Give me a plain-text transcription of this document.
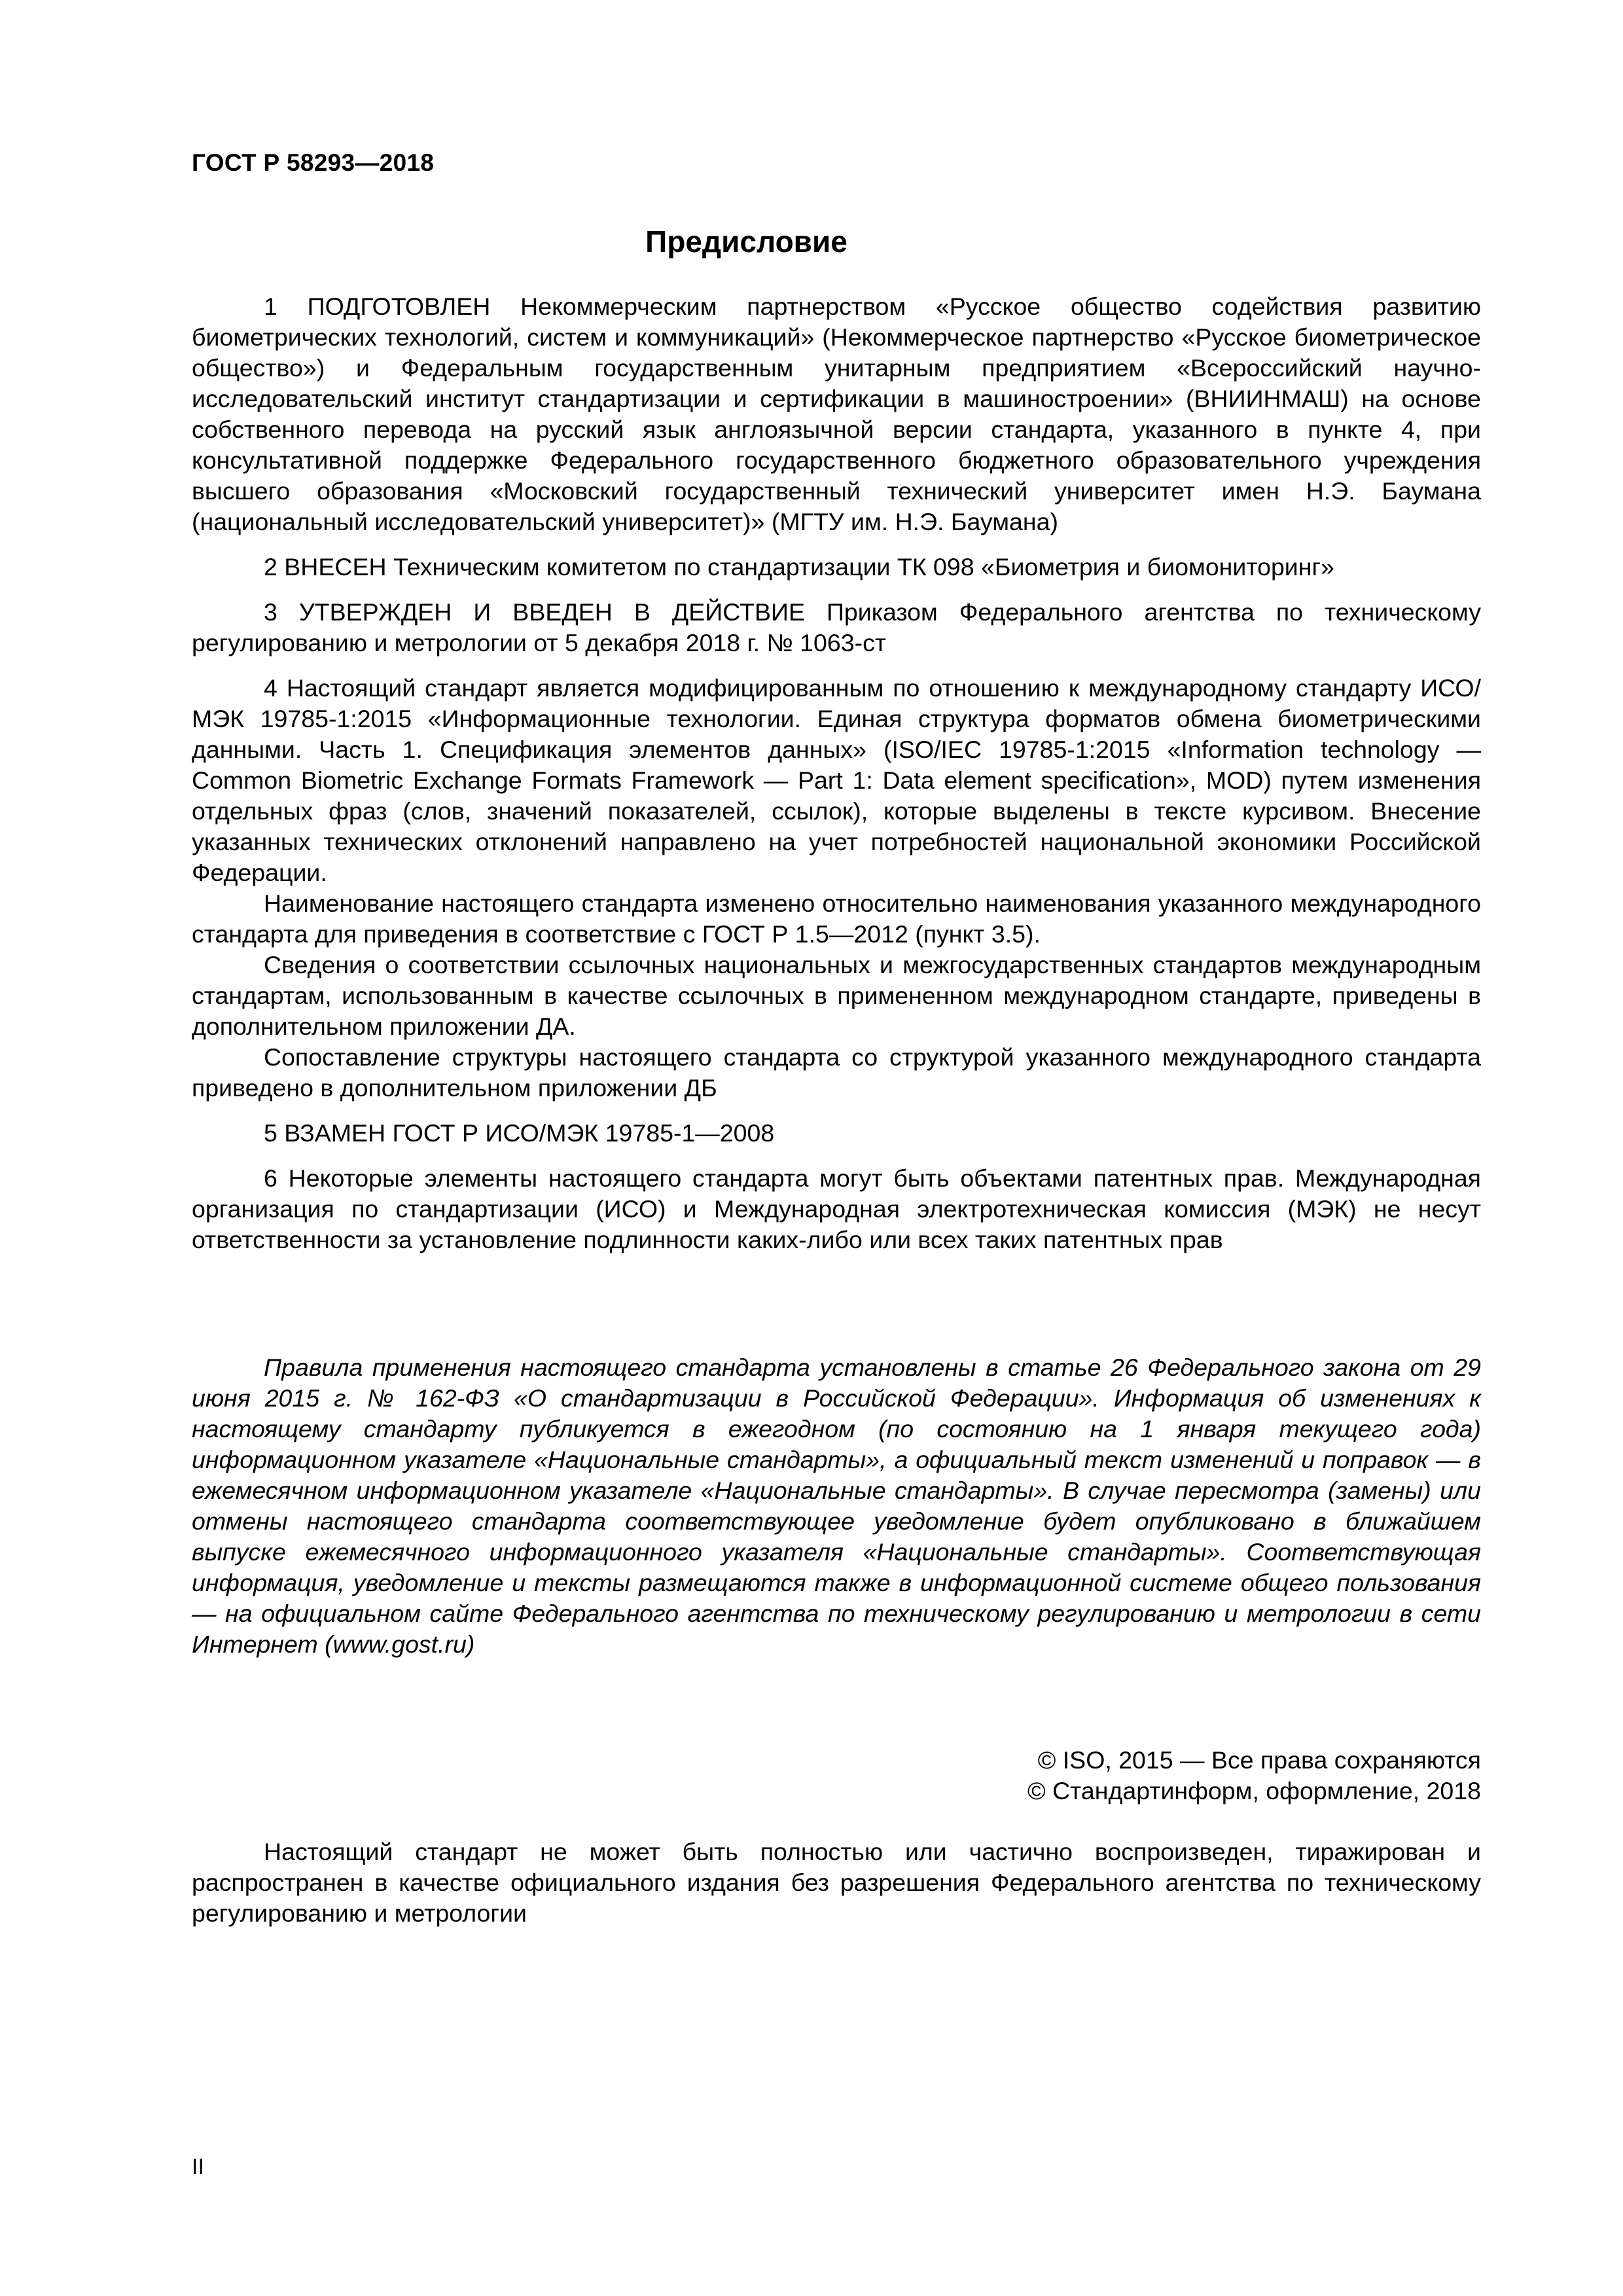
ГОСТ Р 58293—2018
Предисловие

1 ПОДГОТОВЛЕН Некоммерческим партнерством «Русское общество содействия развитию биометрических технологий, систем и коммуникаций» (Некоммерческое партнерство «Русское биометрическое общество») и Федеральным государственным унитарным предприятием «Всероссийский научно-исследовательский институт стандартизации и сертификации в машиностроении» (ВНИИНМАШ) на основе собственного перевода на русский язык англоязычной версии стандарта, указанного в пункте 4, при консультативной поддержке Федерального государственного бюджетного образовательного учреждения высшего образования «Московский государственный технический университет имен Н.Э. Баумана (национальный исследовательский университет)» (МГТУ им. Н.Э. Баумана)

2 ВНЕСЕН Техническим комитетом по стандартизации ТК 098 «Биометрия и биомониторинг»

3 УТВЕРЖДЕН И ВВЕДЕН В ДЕЙСТВИЕ Приказом Федерального агентства по техническому регулированию и метрологии от 5 декабря 2018 г. № 1063-ст

4 Настоящий стандарт является модифицированным по отношению к международному стандарту ИСО/МЭК 19785-1:2015 «Информационные технологии. Единая структура форматов обмена биометрическими данными. Часть 1. Спецификация элементов данных» (ISO/IEC 19785-1:2015 «Information technology — Common Biometric Exchange Formats Framework — Part 1: Data element specification», MOD) путем изменения отдельных фраз (слов, значений показателей, ссылок), которые выделены в тексте курсивом. Внесение указанных технических отклонений направлено на учет потребностей национальной экономики Российской Федерации.

Наименование настоящего стандарта изменено относительно наименования указанного международного стандарта для приведения в соответствие с ГОСТ Р 1.5—2012 (пункт 3.5).

Сведения о соответствии ссылочных национальных и межгосударственных стандартов международным стандартам, использованным в качестве ссылочных в примененном международном стандарте, приведены в дополнительном приложении ДА.

Сопоставление структуры настоящего стандарта со структурой указанного международного стандарта приведено в дополнительном приложении ДБ

5 ВЗАМЕН ГОСТ Р ИСО/МЭК 19785-1—2008

6 Некоторые элементы настоящего стандарта могут быть объектами патентных прав. Международная организация по стандартизации (ИСО) и Международная электротехническая комиссия (МЭК) не несут ответственности за установление подлинности каких-либо или всех таких патентных прав

Правила применения настоящего стандарта установлены в статье 26 Федерального закона от 29 июня 2015 г. № 162-ФЗ «О стандартизации в Российской Федерации». Информация об изменениях к настоящему стандарту публикуется в ежегодном (по состоянию на 1 января текущего года) информационном указателе «Национальные стандарты», а официальный текст изменений и поправок — в ежемесячном информационном указателе «Национальные стандарты». В случае пересмотра (замены) или отмены настоящего стандарта соответствующее уведомление будет опубликовано в ближайшем выпуске ежемесячного информационного указателя «Национальные стандарты». Соответствующая информация, уведомление и тексты размещаются также в информационной системе общего пользования — на официальном сайте Федерального агентства по техническому регулированию и метрологии в сети Интернет (www.gost.ru)

© ISO, 2015 — Все права сохраняются
© Стандартинформ, оформление, 2018

Настоящий стандарт не может быть полностью или частично воспроизведен, тиражирован и распространен в качестве официального издания без разрешения Федерального агентства по техническому регулированию и метрологии

II
